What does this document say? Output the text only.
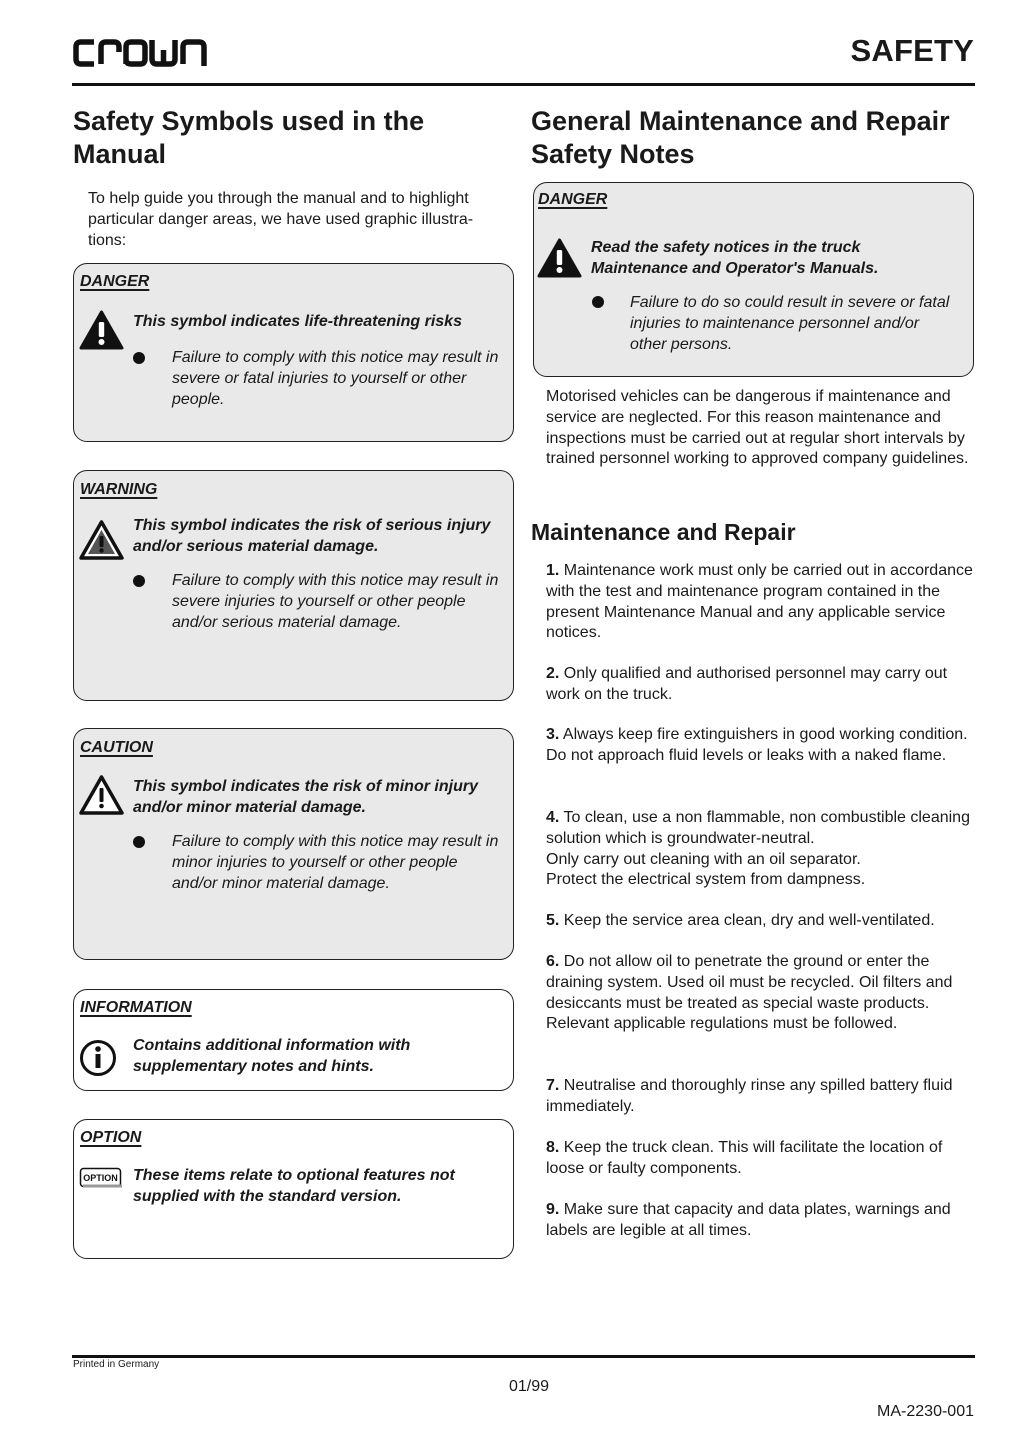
SAFETY
Safety Symbols used in the Manual
To help guide you through the manual and to highlight particular danger areas, we have used graphic illustra-tions:
DANGER
This symbol indicates life-threatening risks
Failure to comply with this notice may result in severe or fatal injuries to yourself or other people.
WARNING
This symbol indicates the risk of serious injury and/or serious material damage.
Failure to comply with this notice may result in severe injuries to yourself or other people and/or serious material damage.
CAUTION
This symbol indicates the risk of minor injury and/or minor material damage.
Failure to comply with this notice may result in minor injuries to yourself or other people and/or minor material damage.
INFORMATION
Contains additional information with supplementary notes and hints.
OPTION
OPTION These items relate to optional features not supplied with the standard version.
General Maintenance and Repair Safety Notes
DANGER
Read the safety notices in the truck Maintenance and Operator's Manuals.
Failure to do so could result in severe or fatal injuries to maintenance personnel and/or other persons.
Motorised vehicles can be dangerous if maintenance and service are neglected. For this reason maintenance and inspections must be carried out at regular short intervals by trained personnel working to approved company guidelines.
Maintenance and Repair
1. Maintenance work must only be carried out in accordance with the test and maintenance program contained in the present Maintenance Manual and any applicable service notices.
2. Only qualified and authorised personnel may carry out work on the truck.
3. Always keep fire extinguishers in good working condition. Do not approach fluid levels or leaks with a naked flame.
4. To clean, use a non flammable, non combustible cleaning solution which is groundwater-neutral.
Only carry out cleaning with an oil separator.
Protect the electrical system from dampness.
5. Keep the service area clean, dry and well-ventilated.
6. Do not allow oil to penetrate the ground or enter the draining system. Used oil must be recycled. Oil filters and desiccants must be treated as special waste products. Relevant applicable regulations must be followed.
7. Neutralise and thoroughly rinse any spilled battery fluid immediately.
8. Keep the truck clean. This will facilitate the location of loose or faulty components.
9. Make sure that capacity and data plates, warnings and labels are legible at all times.
Printed in Germany
01/99
MA-2230-001
